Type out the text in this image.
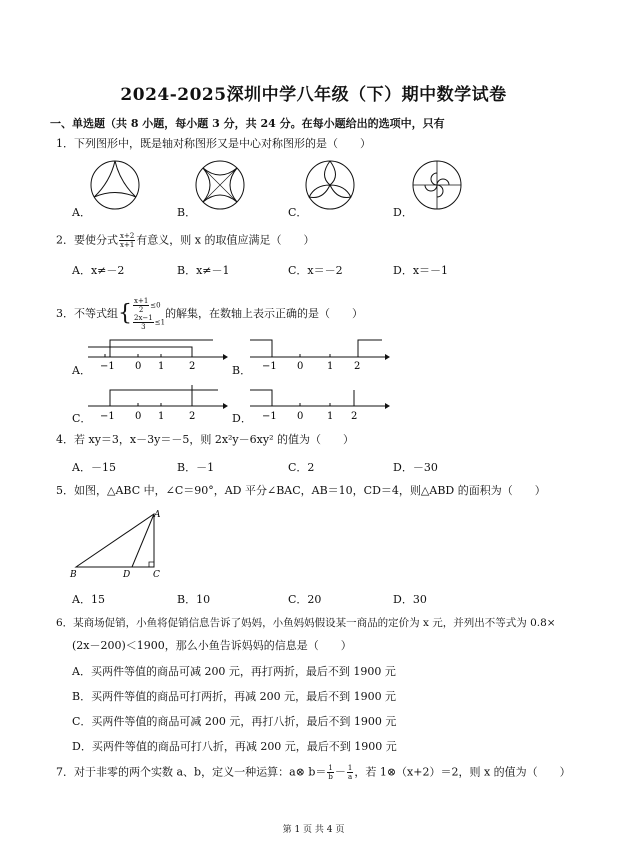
2024-2025深圳中学八年级（下）期中数学试卷
一、单选题（共 8 小题，每小题 3 分，共 24 分。在每小题给出的选项中，只有
1．下列图形中，既是轴对称图形又是中心对称图形的是（　　）
A．	B．	C．	D．
2．要使分式 $\frac{x+2}{x+1}$ 有意义，则 x 的取值应满足（　　）
A．x≠－2	B．x≠－1	C．x＝－2	D．x＝－1
3．不等式组{ $\frac{x+1}{2} \le 0$
$\frac{2x-1}{3} \le 1$
的解集，在数轴上表示正确的是（　　）
A．	B．
C．	D．
−1 0 1 2	−1 0 1 2
−1 0 1 2	−1 0 1 2
4．若 xy＝3，x－3y＝－5，则 2x²y－6xy² 的值为（　　）
A．－15	B．－1	C．2	D．－30
5．如图，△ABC 中，∠C＝90°，AD 平分∠BAC，AB＝10，CD＝4，则△ABD 的面积为（　　）
A
B	D	C
A．15	B．10	C．20	D．30
6．某商场促销，小鱼将促销信息告诉了妈妈，小鱼妈妈假设某一商品的定价为 x 元，并列出不等式为 0.8×
(2x－200)＜1900，那么小鱼告诉妈妈的信息是（　　）
A．买两件等值的商品可减 200 元，再打两折，最后不到 1900 元
B．买两件等值的商品可打两折，再减 200 元，最后不到 1900 元
C．买两件等值的商品可减 200 元，再打八折，最后不到 1900 元
D．买两件等值的商品可打八折，再减 200 元，最后不到 1900 元
7．对于非零的两个实数 a、b，定义一种运算：a⊗ $b= \frac{1}{b} - \frac{1}{a}$ ，若 1⊗（x+2）＝2，则 x 的值为（　　）
第 1 页 共 4 页
